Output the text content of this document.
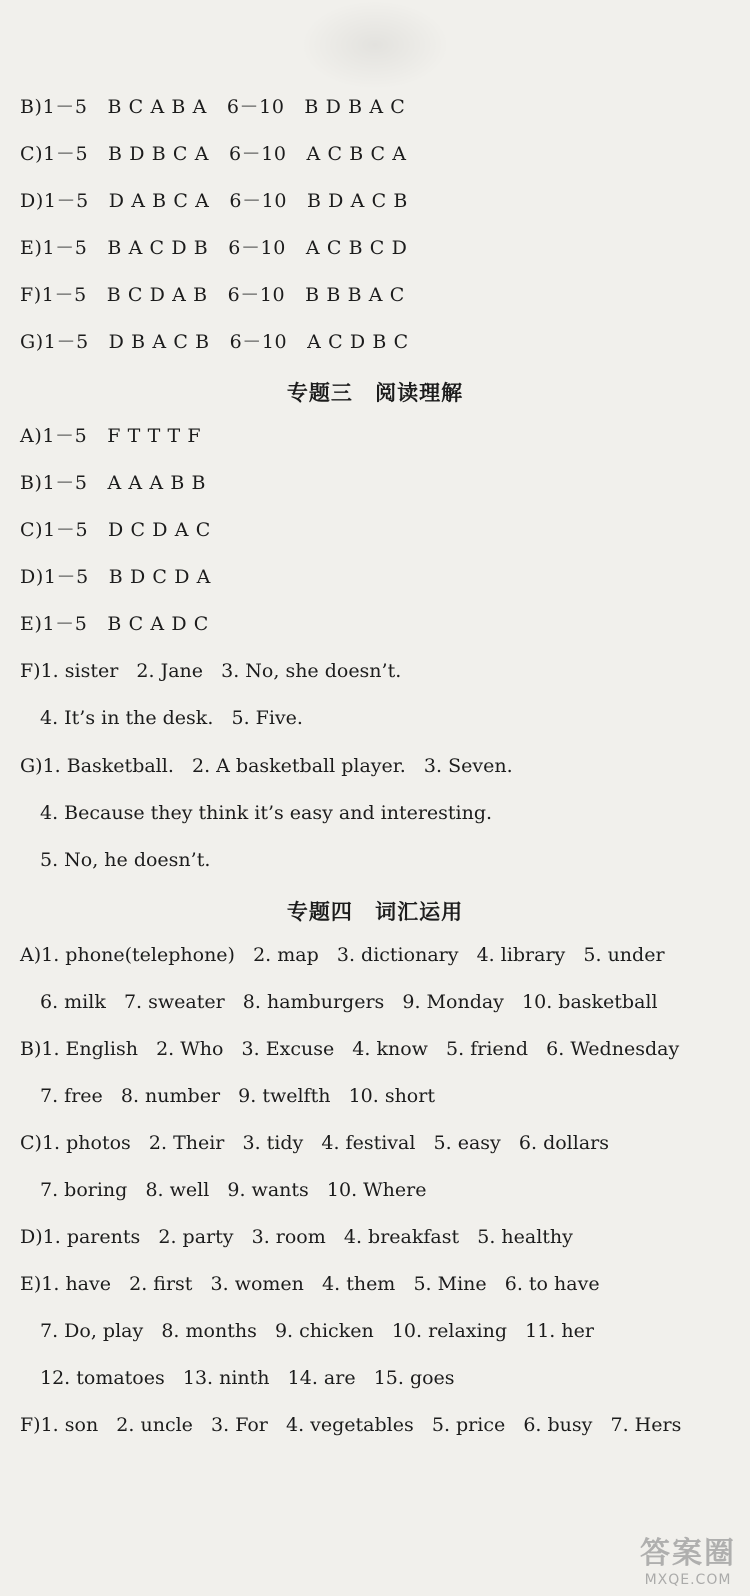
B)1－5   B C A B A   6－10   B D B A C
C)1－5   B D B C A   6－10   A C B C A
D)1－5   D A B C A   6－10   B D A C B
E)1－5   B A C D B   6－10   A C B C D
F)1－5   B C D A B   6－10   B B B A C
G)1－5   D B A C B   6－10   A C D B C
专题三 阅读理解
A)1－5   F T T T F
B)1－5   A A A B B
C)1－5   D C D A C
D)1－5   B D C D A
E)1－5   B C A D C
F)1. sister   2. Jane   3. No, she doesn’t.
4. It’s in the desk.   5. Five.
G)1. Basketball.   2. A basketball player.   3. Seven.
4. Because they think it’s easy and interesting.
5. No, he doesn’t.
专题四 词汇运用
A)1. phone(telephone)   2. map   3. dictionary   4. library   5. under
6. milk   7. sweater   8. hamburgers   9. Monday   10. basketball
B)1. English   2. Who   3. Excuse   4. know   5. friend   6. Wednesday
7. free   8. number   9. twelfth   10. short
C)1. photos   2. Their   3. tidy   4. festival   5. easy   6. dollars
7. boring   8. well   9. wants   10. Where
D)1. parents   2. party   3. room   4. breakfast   5. healthy
E)1. have   2. first   3. women   4. them   5. Mine   6. to have
7. Do, play   8. months   9. chicken   10. relaxing   11. her
12. tomatoes   13. ninth   14. are   15. goes
F)1. son   2. uncle   3. For   4. vegetables   5. price   6. busy   7. Hers
答案圈
MXQE.COM
